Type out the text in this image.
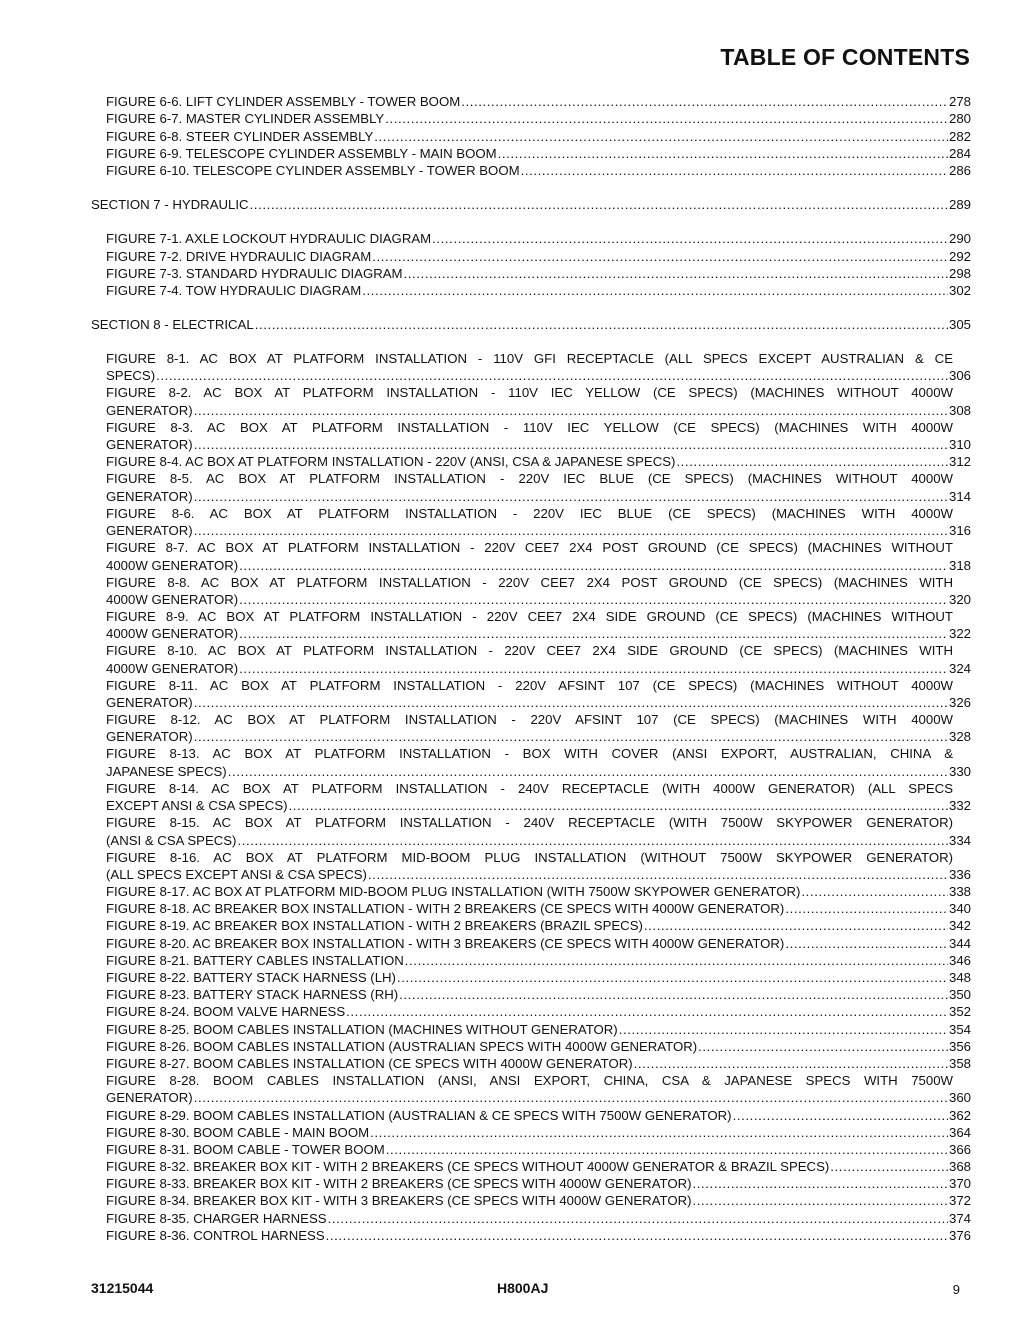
TABLE OF CONTENTS
FIGURE 6-6. LIFT CYLINDER ASSEMBLY - TOWER BOOM .....	278
FIGURE 6-7. MASTER CYLINDER ASSEMBLY .....	280
FIGURE 6-8. STEER CYLINDER ASSEMBLY .....	282
FIGURE 6-9. TELESCOPE CYLINDER ASSEMBLY - MAIN BOOM .....	284
FIGURE 6-10. TELESCOPE CYLINDER ASSEMBLY - TOWER BOOM .....	286
SECTION 7 - HYDRAULIC .....	289
FIGURE 7-1. AXLE LOCKOUT HYDRAULIC DIAGRAM .....	290
FIGURE 7-2. DRIVE HYDRAULIC DIAGRAM .....	292
FIGURE 7-3. STANDARD HYDRAULIC DIAGRAM .....	298
FIGURE 7-4. TOW HYDRAULIC DIAGRAM .....	302
SECTION 8 - ELECTRICAL .....	305
FIGURE 8-1. AC BOX AT PLATFORM INSTALLATION - 110V GFI RECEPTACLE (ALL SPECS EXCEPT AUSTRALIAN & CE
SPECS) .....	306
FIGURE 8-2. AC BOX AT PLATFORM INSTALLATION - 110V IEC YELLOW (CE SPECS) (MACHINES WITHOUT 4000W
GENERATOR) .....	308
FIGURE 8-3. AC BOX AT PLATFORM INSTALLATION - 110V IEC YELLOW (CE SPECS) (MACHINES WITH 4000W
GENERATOR) .....	310
FIGURE 8-4. AC BOX AT PLATFORM INSTALLATION - 220V (ANSI, CSA & JAPANESE SPECS) .....	312
FIGURE 8-5. AC BOX AT PLATFORM INSTALLATION - 220V IEC BLUE (CE SPECS) (MACHINES WITHOUT 4000W
GENERATOR) .....	314
FIGURE 8-6. AC BOX AT PLATFORM INSTALLATION - 220V IEC BLUE (CE SPECS) (MACHINES WITH 4000W
GENERATOR) .....	316
FIGURE 8-7. AC BOX AT PLATFORM INSTALLATION - 220V CEE7 2X4 POST GROUND (CE SPECS) (MACHINES WITHOUT
4000W GENERATOR) .....	318
FIGURE 8-8. AC BOX AT PLATFORM INSTALLATION - 220V CEE7 2X4 POST GROUND (CE SPECS) (MACHINES WITH
4000W GENERATOR) .....	320
FIGURE 8-9. AC BOX AT PLATFORM INSTALLATION - 220V CEE7 2X4 SIDE GROUND (CE SPECS) (MACHINES WITHOUT
4000W GENERATOR) .....	322
FIGURE 8-10. AC BOX AT PLATFORM INSTALLATION - 220V CEE7 2X4 SIDE GROUND (CE SPECS) (MACHINES WITH
4000W GENERATOR) .....	324
FIGURE 8-11. AC BOX AT PLATFORM INSTALLATION - 220V AFSINT 107 (CE SPECS) (MACHINES WITHOUT 4000W
GENERATOR) .....	326
FIGURE 8-12. AC BOX AT PLATFORM INSTALLATION - 220V AFSINT 107 (CE SPECS) (MACHINES WITH 4000W
GENERATOR) .....	328
FIGURE 8-13. AC BOX AT PLATFORM INSTALLATION - BOX WITH COVER (ANSI EXPORT, AUSTRALIAN, CHINA &
JAPANESE SPECS) .....	330
FIGURE 8-14. AC BOX AT PLATFORM INSTALLATION - 240V RECEPTACLE (WITH 4000W GENERATOR) (ALL SPECS
EXCEPT ANSI & CSA SPECS) .....	332
FIGURE 8-15. AC BOX AT PLATFORM INSTALLATION - 240V RECEPTACLE (WITH 7500W SKYPOWER GENERATOR)
(ANSI & CSA SPECS) .....	334
FIGURE 8-16. AC BOX AT PLATFORM MID-BOOM PLUG INSTALLATION (WITHOUT 7500W SKYPOWER GENERATOR)
(ALL SPECS EXCEPT ANSI & CSA SPECS) .....	336
FIGURE 8-17. AC BOX AT PLATFORM MID-BOOM PLUG INSTALLATION (WITH 7500W SKYPOWER GENERATOR) .....	338
FIGURE 8-18. AC BREAKER BOX INSTALLATION - WITH 2 BREAKERS (CE SPECS WITH 4000W GENERATOR) .....	340
FIGURE 8-19. AC BREAKER BOX INSTALLATION - WITH 2 BREAKERS (BRAZIL SPECS) .....	342
FIGURE 8-20. AC BREAKER BOX INSTALLATION - WITH 3 BREAKERS (CE SPECS WITH 4000W GENERATOR) .....	344
FIGURE 8-21. BATTERY CABLES INSTALLATION .....	346
FIGURE 8-22. BATTERY STACK HARNESS (LH) .....	348
FIGURE 8-23. BATTERY STACK HARNESS (RH) .....	350
FIGURE 8-24. BOOM VALVE HARNESS .....	352
FIGURE 8-25. BOOM CABLES INSTALLATION (MACHINES WITHOUT GENERATOR) .....	354
FIGURE 8-26. BOOM CABLES INSTALLATION (AUSTRALIAN SPECS WITH 4000W GENERATOR) .....	356
FIGURE 8-27. BOOM CABLES INSTALLATION (CE SPECS WITH 4000W GENERATOR) .....	358
FIGURE 8-28. BOOM CABLES INSTALLATION (ANSI, ANSI EXPORT, CHINA, CSA & JAPANESE SPECS WITH 7500W
GENERATOR) .....	360
FIGURE 8-29. BOOM CABLES INSTALLATION (AUSTRALIAN & CE SPECS WITH 7500W GENERATOR) .....	362
FIGURE 8-30. BOOM CABLE - MAIN BOOM .....	364
FIGURE 8-31. BOOM CABLE - TOWER BOOM .....	366
FIGURE 8-32. BREAKER BOX KIT - WITH 2 BREAKERS (CE SPECS WITHOUT 4000W GENERATOR & BRAZIL SPECS) .....	368
FIGURE 8-33. BREAKER BOX KIT - WITH 2 BREAKERS (CE SPECS WITH 4000W GENERATOR) .....	370
FIGURE 8-34. BREAKER BOX KIT - WITH 3 BREAKERS (CE SPECS WITH 4000W GENERATOR) .....	372
FIGURE 8-35. CHARGER HARNESS .....	374
FIGURE 8-36. CONTROL HARNESS .....	376
31215044	H800AJ	9
